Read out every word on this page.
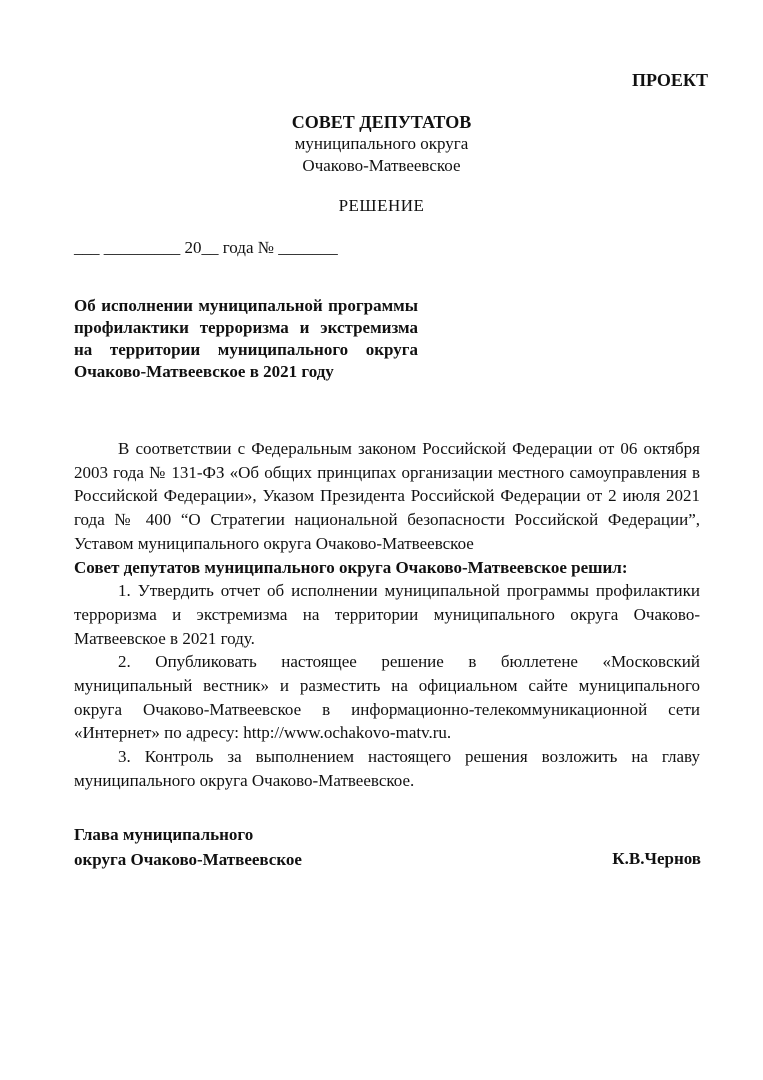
ПРОЕКТ
СОВЕТ ДЕПУТАТОВ
муниципального округа
Очаково-Матвеевское
РЕШЕНИЕ
___ _________ 20__ года № _______
Об исполнении муниципальной программы профилактики терроризма и экстремизма на территории муниципального округа Очаково-Матвеевское в 2021 году

В соответствии с Федеральным законом Российской Федерации от 06 октября 2003 года № 131-ФЗ «Об общих принципах организации местного самоуправления в Российской Федерации», Указом Президента Российской Федерации от 2 июля 2021 года № 400 “О Стратегии национальной безопасности Российской Федерации”, Уставом муниципального округа Очаково-Матвеевское

Совет депутатов муниципального округа Очаково-Матвеевское решил:

1. Утвердить отчет об исполнении муниципальной программы профилактики терроризма и экстремизма на территории муниципального округа Очаково-Матвеевское в 2021 году.

2. Опубликовать настоящее решение в бюллетене «Московский муниципальный вестник» и разместить на официальном сайте муниципального округа Очаково-Матвеевское в информационно-телекоммуникационной сети «Интернет» по адресу: http://www.ochakovo-matv.ru.

3. Контроль за выполнением настоящего решения возложить на главу муниципального округа Очаково-Матвеевское.

Глава муниципального
округа Очаково-Матвеевское	К.В.Чернов
